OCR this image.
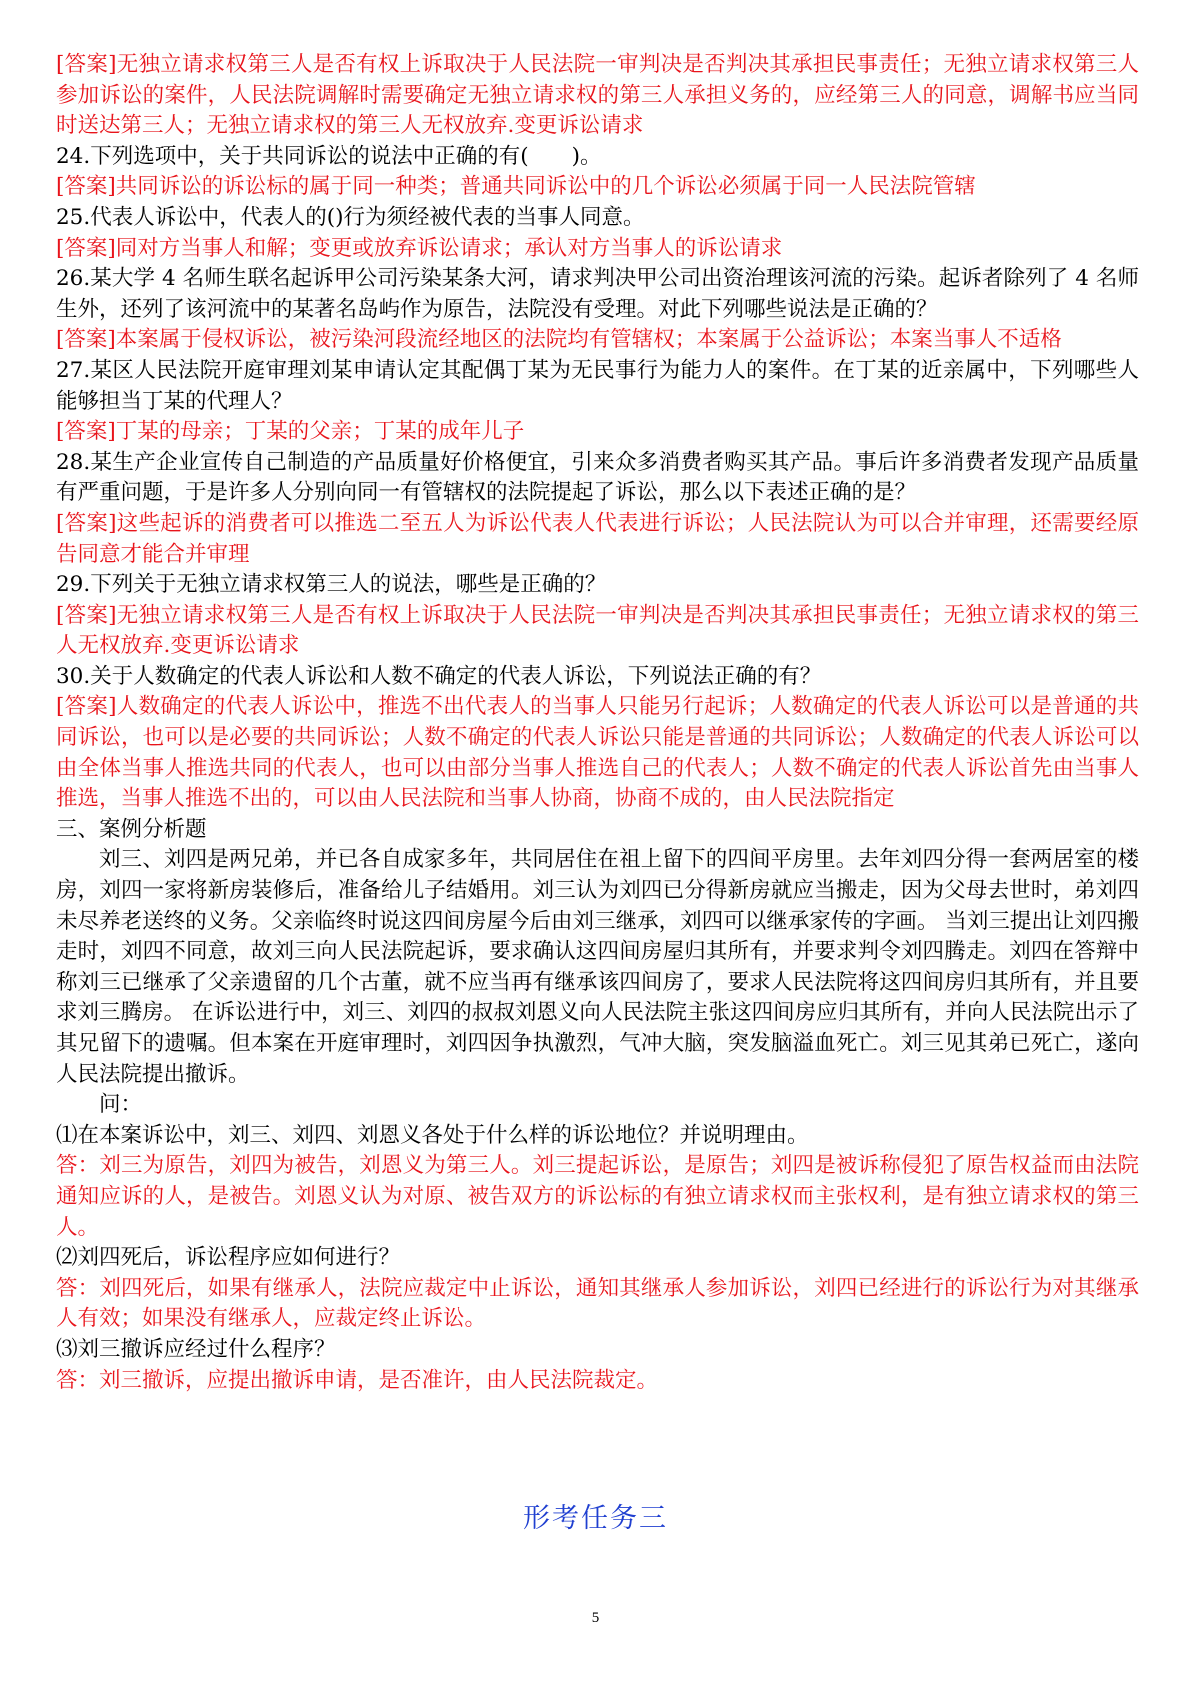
[答案]无独立请求权第三人是否有权上诉取决于人民法院一审判决是否判决其承担民事责任；无独立请求权第三人参加诉讼的案件，人民法院调解时需要确定无独立请求权的第三人承担义务的，应经第三人的同意，调解书应当同时送达第三人；无独立请求权的第三人无权放弃.变更诉讼请求

24.下列选项中，关于共同诉讼的说法中正确的有(　　)。

[答案]共同诉讼的诉讼标的属于同一种类；普通共同诉讼中的几个诉讼必须属于同一人民法院管辖

25.代表人诉讼中，代表人的()行为须经被代表的当事人同意。

[答案]同对方当事人和解；变更或放弃诉讼请求；承认对方当事人的诉讼请求

26.某大学 4 名师生联名起诉甲公司污染某条大河，请求判决甲公司出资治理该河流的污染。起诉者除列了 4 名师生外，还列了该河流中的某著名岛屿作为原告，法院没有受理。对此下列哪些说法是正确的？

[答案]本案属于侵权诉讼，被污染河段流经地区的法院均有管辖权；本案属于公益诉讼；本案当事人不适格

27.某区人民法院开庭审理刘某申请认定其配偶丁某为无民事行为能力人的案件。在丁某的近亲属中，下列哪些人能够担当丁某的代理人？

[答案]丁某的母亲；丁某的父亲；丁某的成年儿子

28.某生产企业宣传自己制造的产品质量好价格便宜，引来众多消费者购买其产品。事后许多消费者发现产品质量有严重问题，于是许多人分别向同一有管辖权的法院提起了诉讼，那么以下表述正确的是？

[答案]这些起诉的消费者可以推选二至五人为诉讼代表人代表进行诉讼；人民法院认为可以合并审理，还需要经原告同意才能合并审理

29.下列关于无独立请求权第三人的说法，哪些是正确的？

[答案]无独立请求权第三人是否有权上诉取决于人民法院一审判决是否判决其承担民事责任；无独立请求权的第三人无权放弃.变更诉讼请求

30.关于人数确定的代表人诉讼和人数不确定的代表人诉讼，下列说法正确的有？

[答案]人数确定的代表人诉讼中，推选不出代表人的当事人只能另行起诉；人数确定的代表人诉讼可以是普通的共同诉讼，也可以是必要的共同诉讼；人数不确定的代表人诉讼只能是普通的共同诉讼；人数确定的代表人诉讼可以由全体当事人推选共同的代表人，也可以由部分当事人推选自己的代表人；人数不确定的代表人诉讼首先由当事人推选，当事人推选不出的，可以由人民法院和当事人协商，协商不成的，由人民法院指定

三、案例分析题

刘三、刘四是两兄弟，并已各自成家多年，共同居住在祖上留下的四间平房里。去年刘四分得一套两居室的楼房，刘四一家将新房装修后，准备给儿子结婚用。刘三认为刘四已分得新房就应当搬走，因为父母去世时，弟刘四未尽养老送终的义务。父亲临终时说这四间房屋今后由刘三继承，刘四可以继承家传的字画。 当刘三提出让刘四搬走时，刘四不同意，故刘三向人民法院起诉，要求确认这四间房屋归其所有，并要求判令刘四腾走。刘四在答辩中称刘三已继承了父亲遗留的几个古董，就不应当再有继承该四间房了，要求人民法院将这四间房归其所有，并且要求刘三腾房。 在诉讼进行中，刘三、刘四的叔叔刘恩义向人民法院主张这四间房应归其所有，并向人民法院出示了其兄留下的遗嘱。但本案在开庭审理时，刘四因争执激烈，气冲大脑，突发脑溢血死亡。刘三见其弟已死亡，遂向人民法院提出撤诉。

问：

⑴在本案诉讼中，刘三、刘四、刘恩义各处于什么样的诉讼地位？并说明理由。

答：刘三为原告，刘四为被告，刘恩义为第三人。刘三提起诉讼，是原告；刘四是被诉称侵犯了原告权益而由法院通知应诉的人，是被告。刘恩义认为对原、被告双方的诉讼标的有独立请求权而主张权利，是有独立请求权的第三人。

⑵刘四死后，诉讼程序应如何进行？

答：刘四死后，如果有继承人，法院应裁定中止诉讼，通知其继承人参加诉讼，刘四已经进行的诉讼行为对其继承人有效；如果没有继承人，应裁定终止诉讼。

⑶刘三撤诉应经过什么程序？

答：刘三撤诉，应提出撤诉申请，是否准许，由人民法院裁定。

形考任务三
5
